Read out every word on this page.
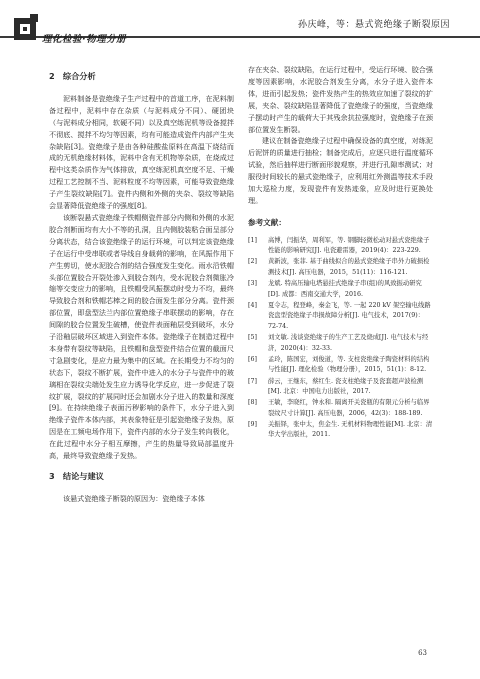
理化检验·物理分册
孙庆峰，等：悬式瓷绝缘子断裂原因
2　综合分析

泥料制备是瓷绝缘子生产过程中的首道工序，在泥料制备过程中，泥料中存在杂质（与泥料成分不同）、硬团块（与泥料成分相同，软硬不同）以及真空练泥机等设备搅拌不彻底、搅拌不均匀等因素，均有可能造成瓷件内部产生夹杂缺陷[3]。瓷绝缘子是由各种硅酸盐原料在高温下烧结而成的无机绝缘材料体，泥料中含有无机物等杂质，在烧成过程中这类杂质作为气体排放，真空练泥机真空度不足、干燥过程工艺控制不当、泥料粒度不均等因素，可能导致瓷绝缘子产生裂纹缺陷[7]。瓷件内侧和外侧的夹杂、裂纹等缺陷会显著降低瓷绝缘子的强度[8]。

该断裂悬式瓷绝缘子铁帽侧瓷件部分内侧和外侧的水泥胶合剂断面均有大小不等的孔洞，且内侧胶装粘合面呈部分分离状态，结合该瓷绝缘子的运行环境，可以判定该瓷绝缘子在运行中受串联或者导线自身载荷的影响，在风振作用下产生剪切，使水泥胶合剂的结合强度发生变化。雨水沿铁帽头部位置胶合开裂处渗入到胶合剂内，受水泥胶合剂微胀冷缩等交变应力的影响，且铁帽受风振摆动时受力不均，最终导致胶合剂和铁帽芯棒之间的胶合面发生部分分离。瓷件颈部位置，即盘型法兰内部位置绝缘子串联摆动的影响，存在间隙的胶合位置发生破槽，使瓷件表面釉层受到破坏，水分子沿釉层破坏区域进入到瓷件本体。瓷绝缘子在制造过程中本身带有裂纹等缺陷，且铁帽和盘型瓷件结合位置的截面尺寸急剧变化，是应力最为集中的区域。在长期受力不均匀的状态下，裂纹不断扩展，瓷件中进入的水分子与瓷件中的玻璃相在裂纹尖端处发生应力诱导化学反应，进一步促进了裂纹扩展，裂纹的扩展同时还会加剧水分子进入的数量和深度[9]。在持续绝缘子表面污秽影响的条件下，水分子进入到绝缘子瓷件本体内部，其表象特征是引起瓷绝缘子发热，原因是在工频电场作用下，瓷件内部的水分子发生转向极化，在此过程中水分子相互摩擦，产生的热量导致局部温度升高，最终导致瓷绝缘子发热。

3　结论与建议

该悬式瓷绝缘子断裂的原因为：瓷绝缘子本体

存在夹杂、裂纹缺陷，在运行过程中，受运行环境、胶合强度等因素影响，水泥胶合剂发生分离，水分子进入瓷件本体，进而引起发热；瓷件发热产生的热效应加速了裂纹的扩展，夹杂、裂纹缺陷显著降低了瓷绝缘子的强度，当瓷绝缘子摆动时产生的载荷大于其残余抗拉强度时，瓷绝缘子在颈部位置发生断裂。

建议在制备瓷绝缘子过程中确保设备的真空度，对练泥后泥饼的质量进行抽检；制备完成后，应逐只进行温度循环试验，然后抽样进行断面形貌观察，并进行孔隙率测试；对服役时间较长的悬式瓷绝缘子，应利用红外测温等技术手段加大巡检力度，发现瓷件有发热迹象，应及时进行更换处理。

参考文献：
[1]	高博，闫振华，周利军，等. 钢脚轻微松动对悬式瓷绝缘子性能的影响研究[J]. 电瓷避雷器，2019(4)：223-229.
[2]	黄新波，张菲. 基于曲线拟合的悬式瓷绝缘子串外力破损检测技术[J]. 高压电器，2015，51(11)：116-121.
[3]	龙斌. 特高压输电塔悬挂式绝缘子串(组)的风致振动研究[D]. 成都：西南交通大学，2016.
[4]	夏令志，程登峰，秦金飞，等. 一起 220 kV 架空输电线路瓷盘型瓷绝缘子串损故障分析[J]. 电气技术，2017(9)：72-74.
[5]	刘文敏. 浅谈瓷绝缘子的生产工艺及烧成[J]. 电气技术与经济，2020(4)：32-33.
[6]	孟玲，陈国宏，刘俊道，等. 支柱瓷绝缘子陶瓷材料的结构与性能[J]. 理化检验（物理分册），2015，51(1)：8-12.
[7]	薛云，王继东，蔡红生. 瓷支柱绝缘子及瓷套超声波检测[M]. 北京：中国电力出版社，2017.
[8]	王敏，李晓红，钟永和. 隔离开关瓷瓶的有限元分析与临界裂纹尺寸计算[J]. 高压电器，2006，42(3)：188-189.
[9]	关振铎，张中太，焦金生. 无机材料物理性能[M]. 北京：清华大学出版社，2011.
63
